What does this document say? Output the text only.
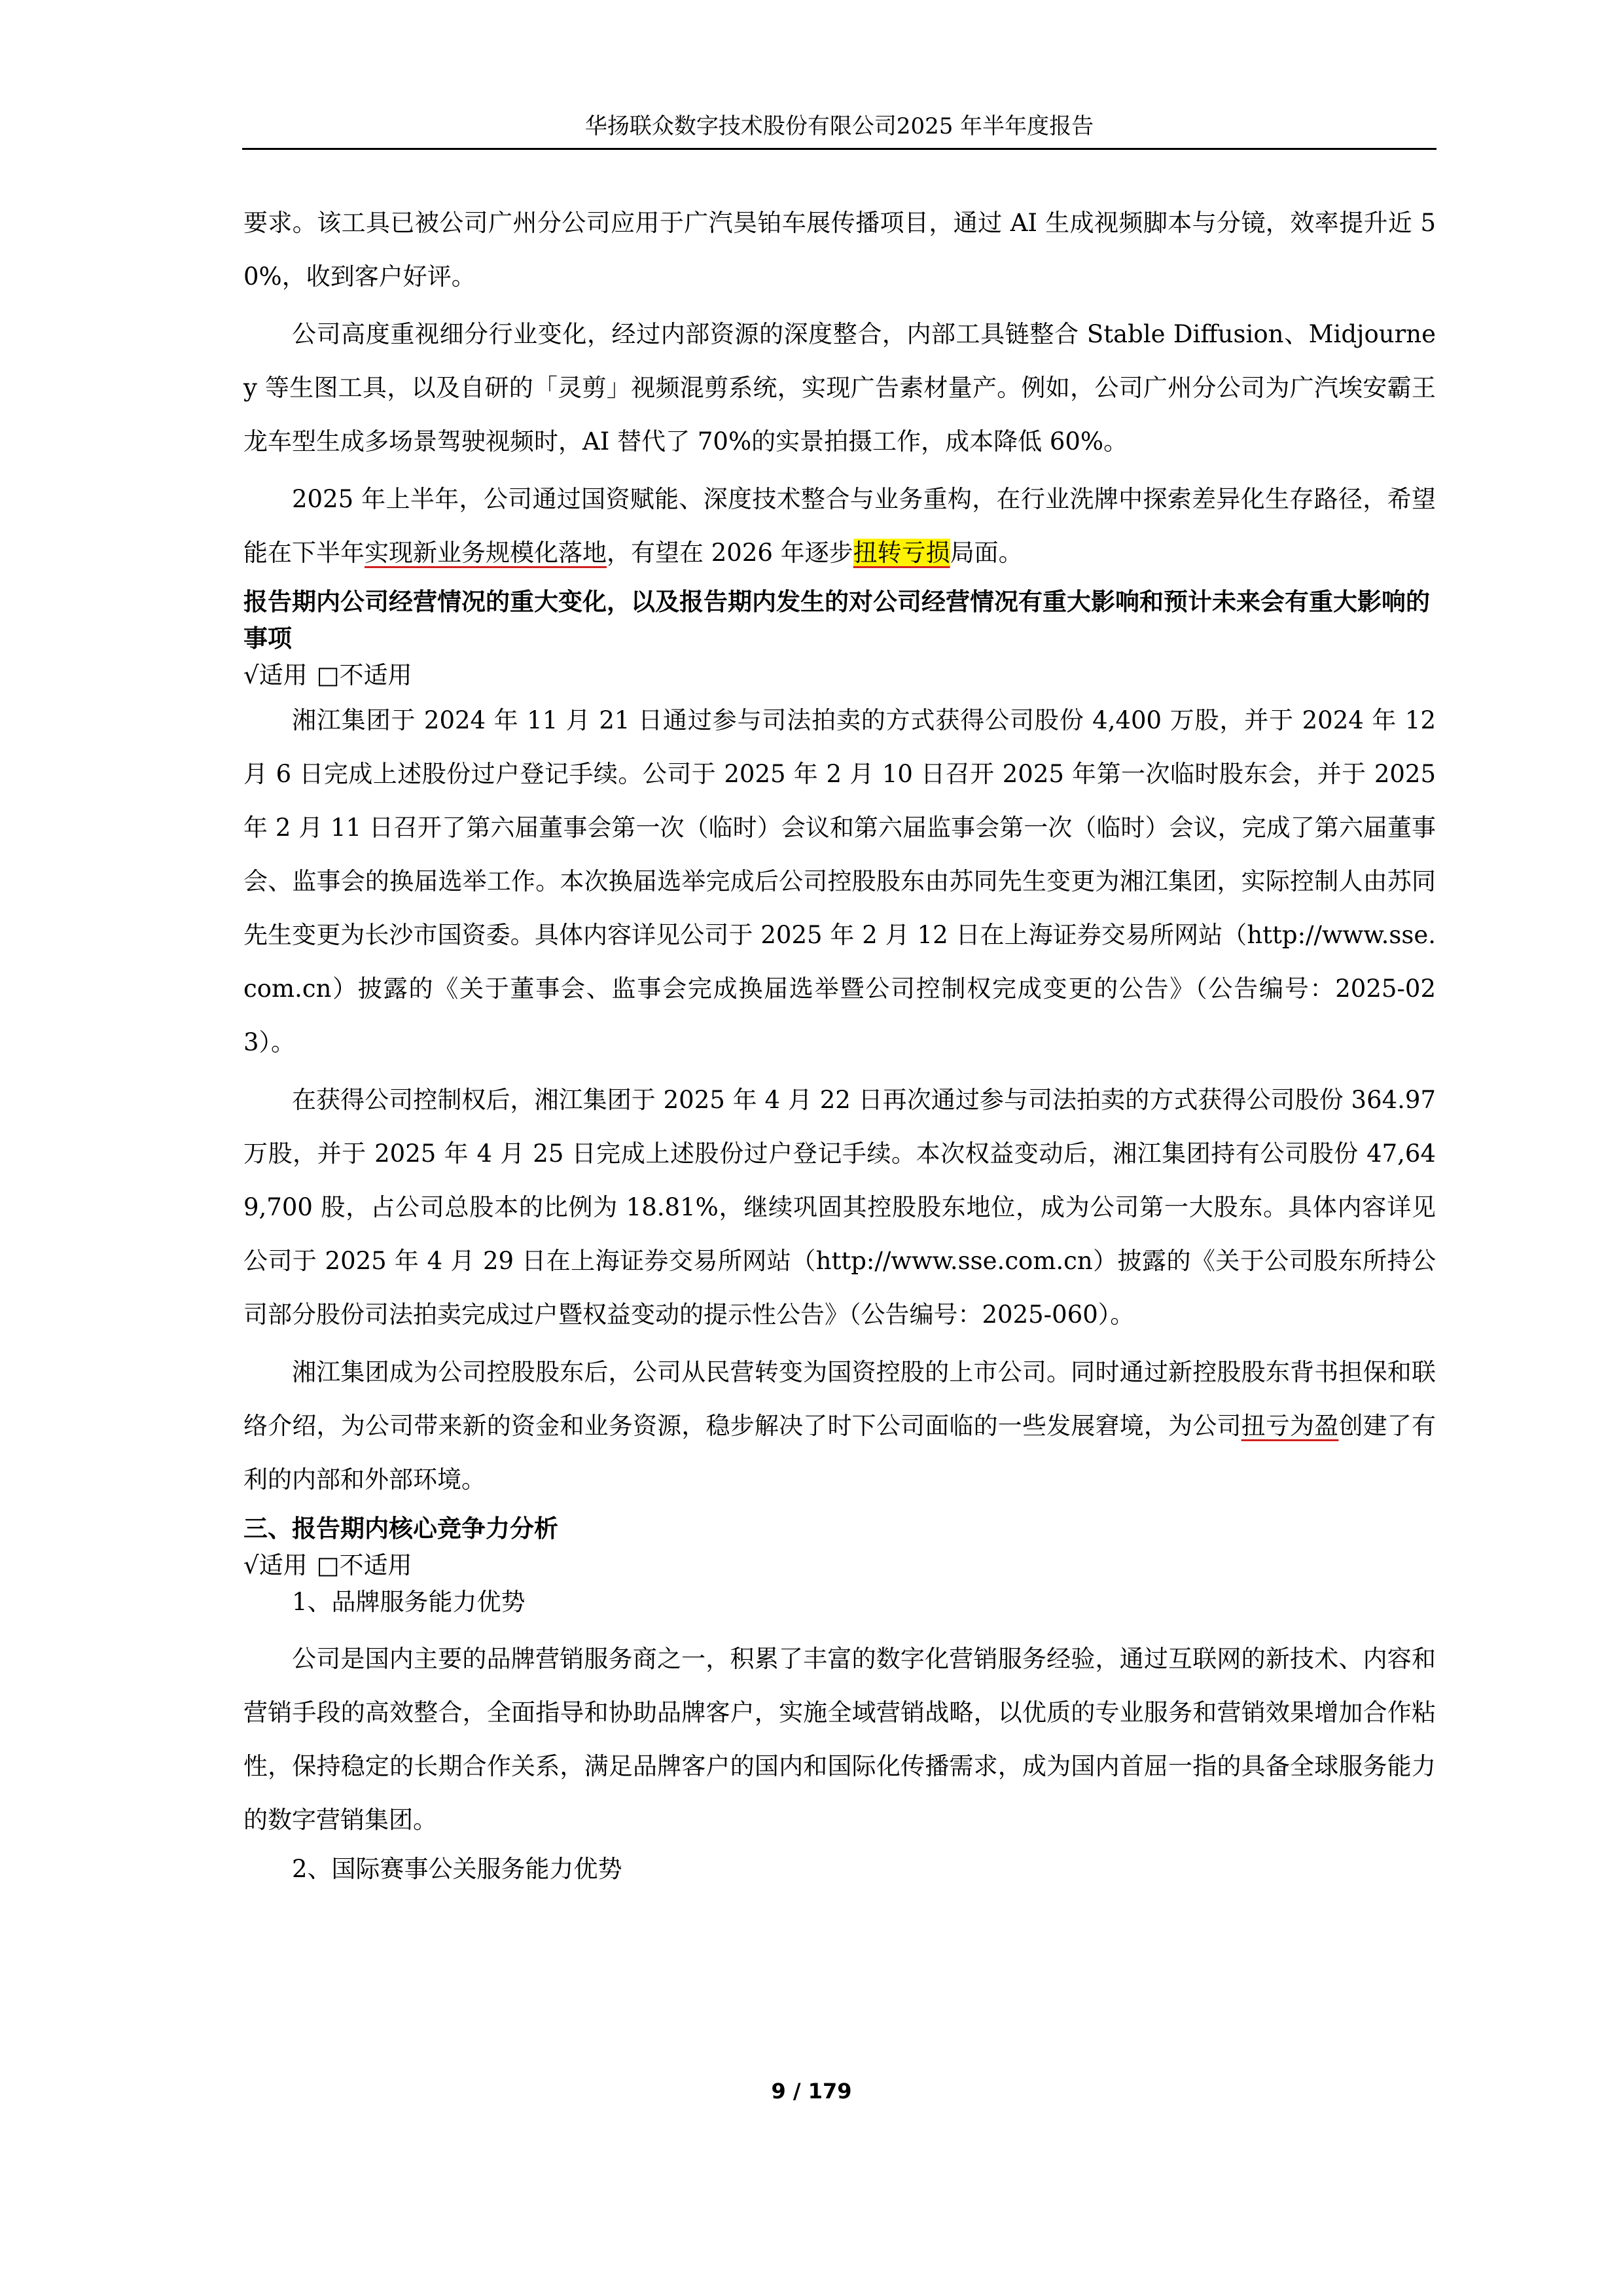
华扬联众数字技术股份有限公司2025 年半年度报告

要求。该工具已被公司广州分公司应用于广汽昊铂车展传播项目，通过 AI 生成视频脚本与分镜，效率提升近 50%，收到客户好评。

公司高度重视细分行业变化，经过内部资源的深度整合，内部工具链整合 Stable Diffusion、Midjourney 等生图工具，以及自研的「灵剪」视频混剪系统，实现广告素材量产。例如，公司广州分公司为广汽埃安霸王龙车型生成多场景驾驶视频时，AI 替代了 70%的实景拍摄工作，成本降低 60%。

2025 年上半年，公司通过国资赋能、深度技术整合与业务重构，在行业洗牌中探索差异化生存路径，希望能在下半年实现新业务规模化落地，有望在 2026 年逐步扭转亏损局面。

报告期内公司经营情况的重大变化，以及报告期内发生的对公司经营情况有重大影响和预计未来会有重大影响的事项

√适用 □不适用

湘江集团于 2024 年 11 月 21 日通过参与司法拍卖的方式获得公司股份 4,400 万股，并于 2024 年 12 月 6 日完成上述股份过户登记手续。公司于 2025 年 2 月 10 日召开 2025 年第一次临时股东会，并于 2025 年 2 月 11 日召开了第六届董事会第一次（临时）会议和第六届监事会第一次（临时）会议，完成了第六届董事会、监事会的换届选举工作。本次换届选举完成后公司控股股东由苏同先生变更为湘江集团，实际控制人由苏同先生变更为长沙市国资委。具体内容详见公司于 2025 年 2 月 12 日在上海证券交易所网站（http://www.sse.com.cn）披露的《关于董事会、监事会完成换届选举暨公司控制权完成变更的公告》（公告编号：2025-023）。

在获得公司控制权后，湘江集团于 2025 年 4 月 22 日再次通过参与司法拍卖的方式获得公司股份 364.97 万股，并于 2025 年 4 月 25 日完成上述股份过户登记手续。本次权益变动后，湘江集团持有公司股份 47,649,700 股，占公司总股本的比例为 18.81%，继续巩固其控股股东地位，成为公司第一大股东。具体内容详见公司于 2025 年 4 月 29 日在上海证券交易所网站（http://www.sse.com.cn）披露的《关于公司股东所持公司部分股份司法拍卖完成过户暨权益变动的提示性公告》（公告编号：2025-060）。

湘江集团成为公司控股股东后，公司从民营转变为国资控股的上市公司。同时通过新控股股东背书担保和联络介绍，为公司带来新的资金和业务资源，稳步解决了时下公司面临的一些发展窘境，为公司扭亏为盈创建了有利的内部和外部环境。

三、报告期内核心竞争力分析

√适用 □不适用

1、品牌服务能力优势

公司是国内主要的品牌营销服务商之一，积累了丰富的数字化营销服务经验，通过互联网的新技术、内容和营销手段的高效整合，全面指导和协助品牌客户，实施全域营销战略，以优质的专业服务和营销效果增加合作粘性，保持稳定的长期合作关系，满足品牌客户的国内和国际化传播需求，成为国内首屈一指的具备全球服务能力的数字营销集团。

2、国际赛事公关服务能力优势

9 / 179
